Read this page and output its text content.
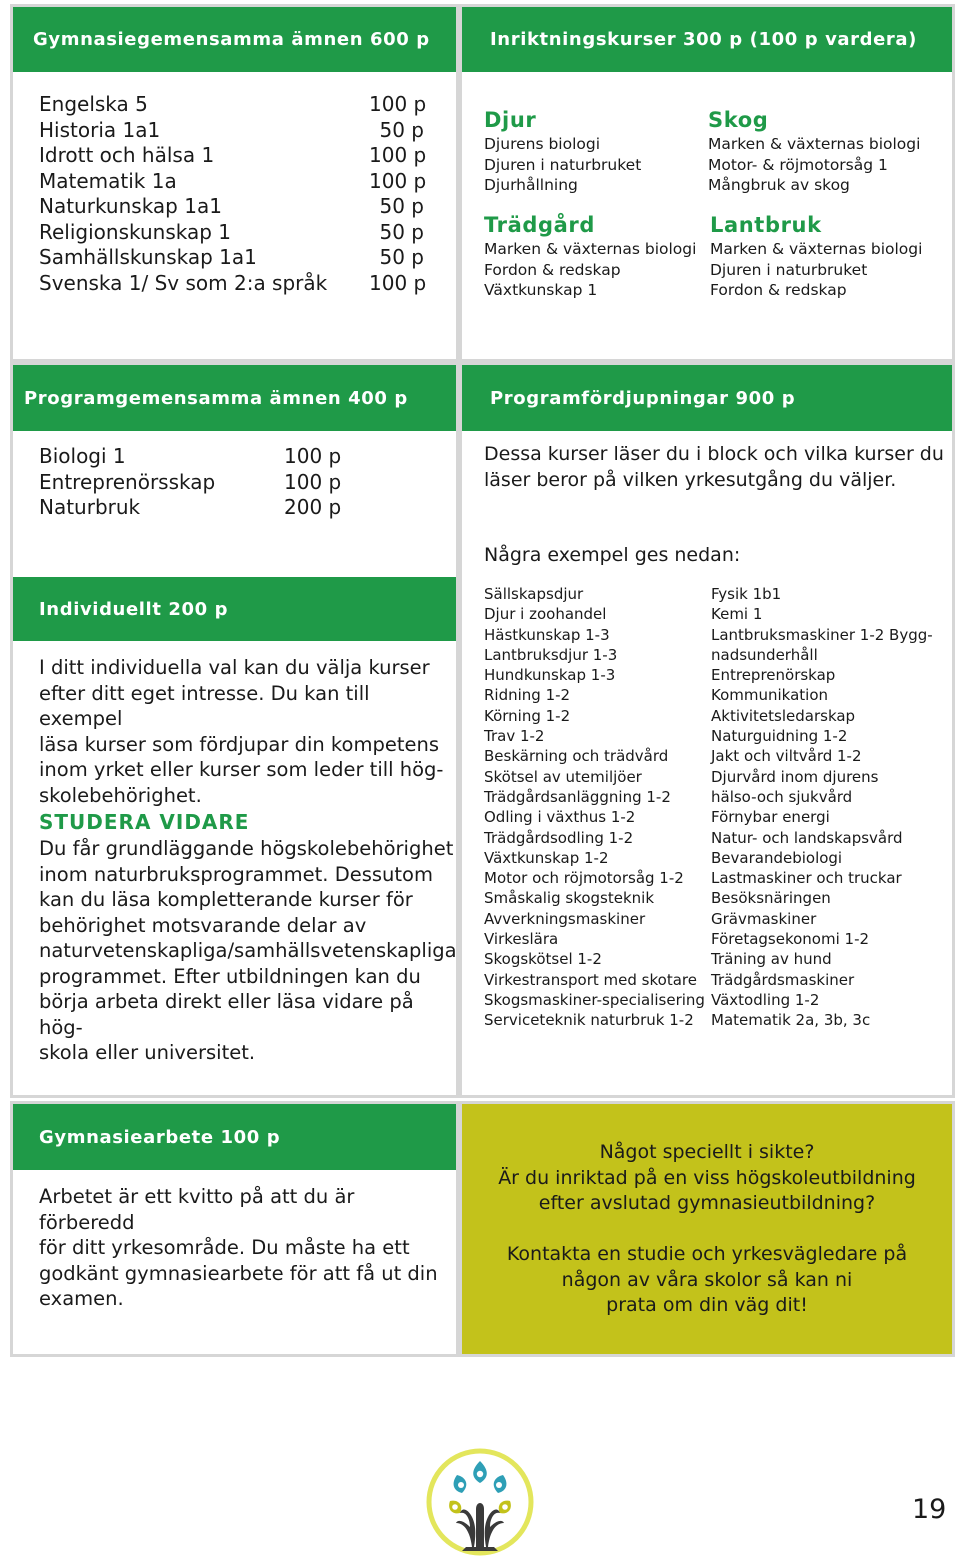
Gymnasiegemensamma ämnen 600 p
Engelska 5
Historia 1a1
Idrott och hälsa 1
Matematik 1a
Naturkunskap 1a1
Religionskunskap 1
Samhällskunskap 1a1
Svenska 1/ Sv som 2:a språk
100 p
50 p
100 p
100 p
50 p
50 p
50 p
100 p
Inriktningskurser 300 p (100 p vardera)
Djur
Djurens biologi
Djuren i naturbruket
Djurhållning
Skog
Marken & växternas biologi
Motor- & röjmotorsåg 1
Mångbruk av skog
Trädgård
Marken & växternas biologi
Fordon & redskap
Växtkunskap 1
Lantbruk
Marken & växternas biologi
Djuren i naturbruket
Fordon & redskap
Programgemensamma ämnen 400 p
Biologi 1
Entreprenörsskap
Naturbruk
100 p
100 p
200 p
Individuellt 200 p
I ditt individuella val kan du välja kurser
efter ditt eget intresse. Du kan till exempel
läsa kurser som fördjupar din kompetens
inom yrket eller kurser som leder till hög-
skolebehörighet.
STUDERA VIDARE
Du får grundläggande högskolebehörighet
inom naturbruksprogrammet. Dessutom
kan du läsa kompletterande kurser för
behörighet motsvarande delar av
naturvetenskapliga/samhällsvetenskapliga
programmet. Efter utbildningen kan du
börja arbeta direkt eller läsa vidare på hög-
skola eller universitet.
Programfördjupningar 900 p
Dessa kurser läser du i block och vilka kurser du
läser beror på vilken yrkesutgång du väljer.
Några exempel ges nedan:
Sällskapsdjur
Djur i zoohandel
Hästkunskap 1-3
Lantbruksdjur 1-3
Hundkunskap 1-3
Ridning 1-2
Körning 1-2
Trav 1-2
Beskärning och trädvård
Skötsel av utemiljöer
Trädgårdsanläggning 1-2
Odling i växthus 1-2
Trädgårdsodling 1-2
Växtkunskap 1-2
Motor och röjmotorsåg 1-2
Småskalig skogsteknik
Avverkningsmaskiner
Virkeslära
Skogskötsel 1-2
Virkestransport med skotare
Skogsmaskiner-specialisering
Serviceteknik naturbruk 1-2
Fysik 1b1
Kemi 1
Lantbruksmaskiner 1-2 Bygg-
nadsunderhåll
Entreprenörskap
Kommunikation
Aktivitetsledarskap
Naturguidning 1-2
Jakt och viltvård 1-2
Djurvård inom djurens
hälso-och sjukvård
Förnybar energi
Natur- och landskapsvård
Bevarandebiologi
Lastmaskiner och truckar
Besöksnäringen
Grävmaskiner
Företagsekonomi 1-2
Träning av hund
Trädgårdsmaskiner
Växtodling 1-2
Matematik 2a, 3b, 3c
Gymnasiearbete 100 p
Arbetet är ett kvitto på att du är förberedd
för ditt yrkesområde. Du måste ha ett
godkänt gymnasiearbete för att få ut din
examen.
Något speciellt i sikte?
Är du inriktad på en viss högskoleutbildning
efter avslutad gymnasieutbildning?
Kontakta en studie och yrkesvägledare på
någon av våra skolor så kan ni
prata om din väg dit!
19
